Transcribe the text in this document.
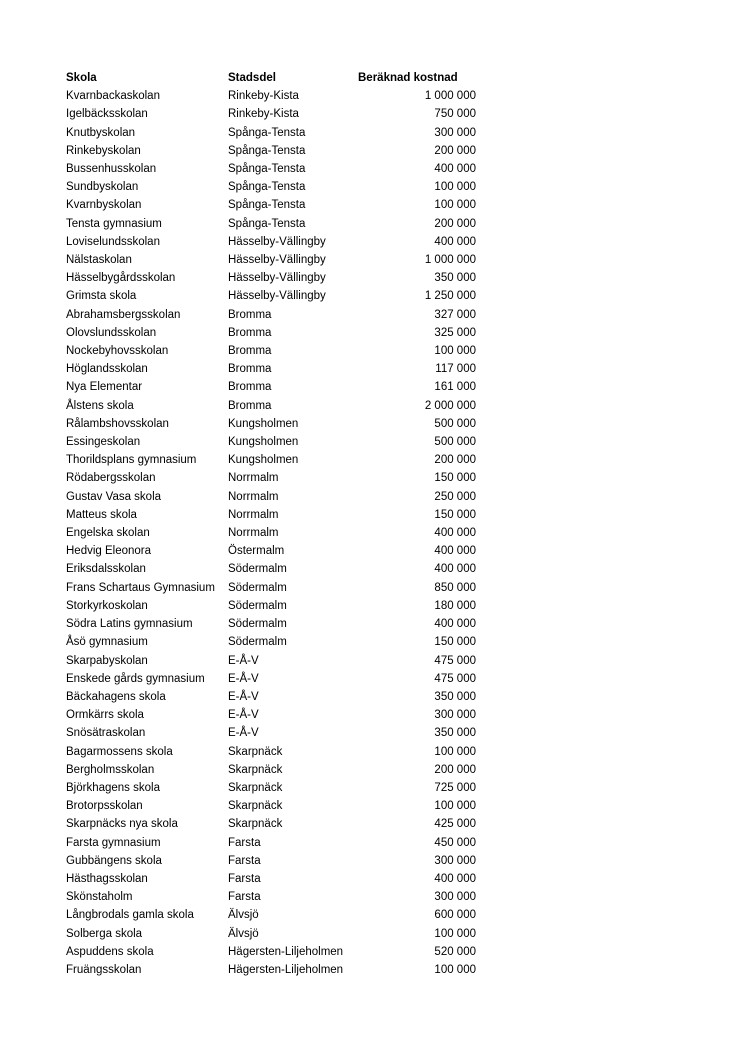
Skola	Stadsdel	Beräknad kostnad
Kvarnbackaskolan	Rinkeby-Kista	1 000 000
Igelbäcksskolan	Rinkeby-Kista	750 000
Knutbyskolan	Spånga-Tensta	300 000
Rinkebyskolan	Spånga-Tensta	200 000
Bussenhusskolan	Spånga-Tensta	400 000
Sundbyskolan	Spånga-Tensta	100 000
Kvarnbyskolan	Spånga-Tensta	100 000
Tensta gymnasium	Spånga-Tensta	200 000
Loviselundsskolan	Hässelby-Vällingby	400 000
Nälstaskolan	Hässelby-Vällingby	1 000 000
Hässelbygårdsskolan	Hässelby-Vällingby	350 000
Grimsta skola	Hässelby-Vällingby	1 250 000
Abrahamsbergsskolan	Bromma	327 000
Olovslundsskolan	Bromma	325 000
Nockebyhovsskolan	Bromma	100 000
Höglandsskolan	Bromma	117 000
Nya Elementar	Bromma	161 000
Ålstens skola	Bromma	2 000 000
Rålambshovsskolan	Kungsholmen	500 000
Essingeskolan	Kungsholmen	500 000
Thorildsplans gymnasium	Kungsholmen	200 000
Rödabergsskolan	Norrmalm	150 000
Gustav Vasa skola	Norrmalm	250 000
Matteus skola	Norrmalm	150 000
Engelska skolan	Norrmalm	400 000
Hedvig Eleonora	Östermalm	400 000
Eriksdalsskolan	Södermalm	400 000
Frans Schartaus Gymnasium	Södermalm	850 000
Storkyrkoskolan	Södermalm	180 000
Södra Latins gymnasium	Södermalm	400 000
Åsö gymnasium	Södermalm	150 000
Skarpabyskolan	E-Å-V	475 000
Enskede gårds gymnasium	E-Å-V	475 000
Bäckahagens skola	E-Å-V	350 000
Ormkärrs skola	E-Å-V	300 000
Snösätraskolan	E-Å-V	350 000
Bagarmossens skola	Skarpnäck	100 000
Bergholmsskolan	Skarpnäck	200 000
Björkhagens skola	Skarpnäck	725 000
Brotorpsskolan	Skarpnäck	100 000
Skarpnäcks nya skola	Skarpnäck	425 000
Farsta gymnasium	Farsta	450 000
Gubbängens skola	Farsta	300 000
Hästhagsskolan	Farsta	400 000
Skönstaholm	Farsta	300 000
Långbrodals gamla skola	Älvsjö	600 000
Solberga skola	Älvsjö	100 000
Aspuddens skola	Hägersten-Liljeholmen	520 000
Fruängsskolan	Hägersten-Liljeholmen	100 000
